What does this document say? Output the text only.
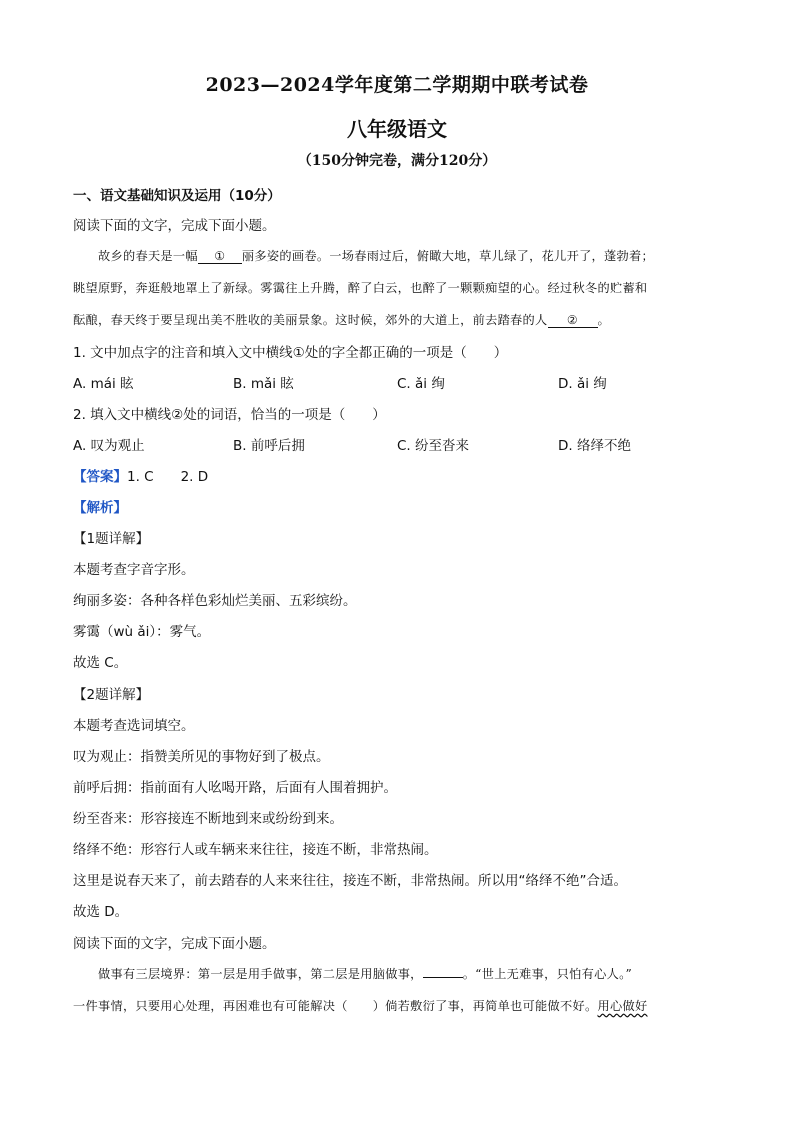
2023—2024学年度第二学期期中联考试卷
八年级语文
（150分钟完卷，满分120分）
一、语文基础知识及运用（10分）
阅读下面的文字，完成下面小题。
故乡的春天是一幅 ① 丽多姿的画卷。一场春雨过后，俯瞰大地，草儿绿了，花儿开了，蓬勃着；
眺望原野，奔逛般地罩上了新绿。雾霭往上升腾，醉了白云，也醉了一颗颗痴望的心。经过秋冬的贮蓄和
酝酿，春天终于要呈现出美不胜收的美丽景象。这时候，郊外的大道上，前去踏春的人 ② 。
1. 文中加点字的注音和填入文中横线①处的字全都正确的一项是（　　）
A. mái 眩	B. mǎi 眩	C. ǎi 绚	D. ǎi 绚
2. 填入文中横线②处的词语，恰当的一项是（　　）
A. 叹为观止	B. 前呼后拥	C. 纷至沓来	D. 络绎不绝
【答案】1. C　　2. D
【解析】
【1题详解】
本题考查字音字形。
绚丽多姿：各种各样色彩灿烂美丽、五彩缤纷。
雾霭（wù ǎi）：雾气。
故选 C。
【2题详解】
本题考查选词填空。
叹为观止：指赞美所见的事物好到了极点。
前呼后拥：指前面有人吆喝开路，后面有人围着拥护。
纷至沓来：形容接连不断地到来或纷纷到来。
络绎不绝：形容行人或车辆来来往往，接连不断，非常热闹。
这里是说春天来了，前去踏春的人来来往往，接连不断，非常热闹。所以用“络绎不绝”合适。
故选 D。
阅读下面的文字，完成下面小题。
做事有三层境界：第一层是用手做事，第二层是用脑做事，	。“世上无难事，只怕有心人。”
一件事情，只要用心处理，再困难也有可能解决（　　）倘若敷衍了事，再简单也可能做不好。用心做好
